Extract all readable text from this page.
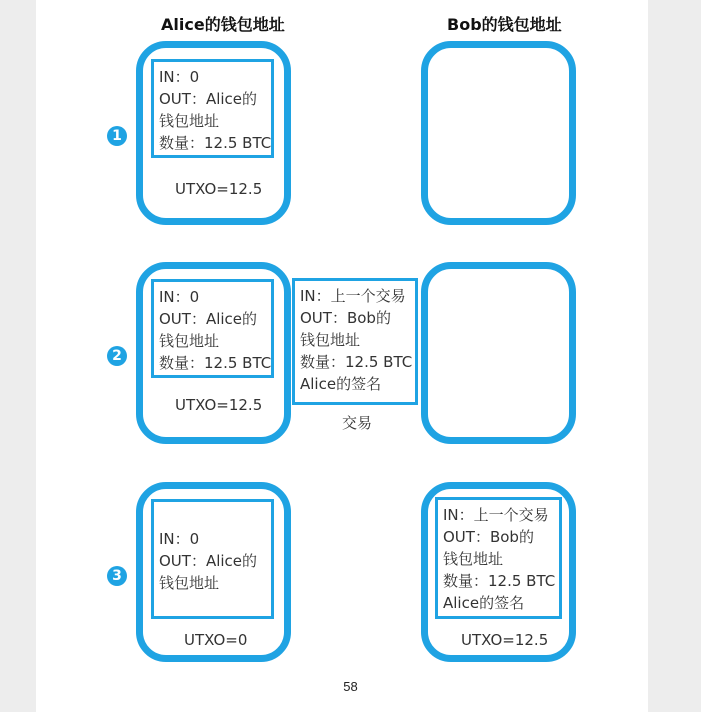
Alice的钱包地址	Bob的钱包地址
1
2
3
IN：0
OUT：Alice的
钱包地址
数量：12.5 BTC
UTXO=12.5
IN：0
OUT：Alice的
钱包地址
数量：12.5 BTC
UTXO=12.5
IN：上一个交易
OUT：Bob的
钱包地址
数量：12.5 BTC
Alice的签名
交易
IN：0
OUT：Alice的
钱包地址
UTXO=0
IN：上一个交易
OUT：Bob的
钱包地址
数量：12.5 BTC
Alice的签名
UTXO=12.5
58
